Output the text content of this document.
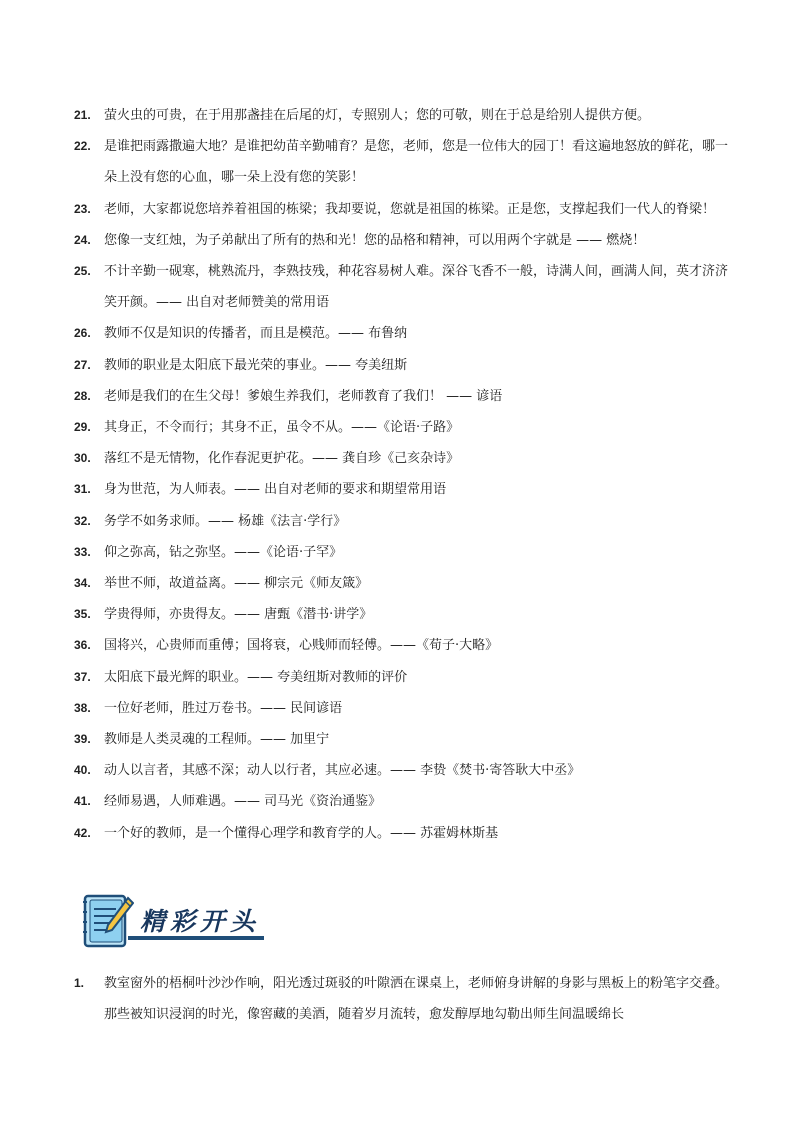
21.	萤火虫的可贵，在于用那盏挂在后尾的灯，专照别人；您的可敬，则在于总是给别人提供方便。
22.	是谁把雨露撒遍大地？是谁把幼苗辛勤哺育？是您，老师，您是一位伟大的园丁！看这遍地怒放的鲜花，哪一朵上没有您的心血，哪一朵上没有您的笑影！
23.	老师，大家都说您培养着祖国的栋梁；我却要说，您就是祖国的栋梁。正是您，支撑起我们一代人的脊梁！
24.	您像一支红烛，为子弟献出了所有的热和光！您的品格和精神，可以用两个字就是 —— 燃烧！
25.	不计辛勤一砚寒，桃熟流丹，李熟技残，种花容易树人难。深谷飞香不一般，诗满人间，画满人间，英才济济笑开颜。—— 出自对老师赞美的常用语
26.	教师不仅是知识的传播者，而且是模范。—— 布鲁纳
27.	教师的职业是太阳底下最光荣的事业。—— 夸美纽斯
28.	老师是我们的在生父母！爹娘生养我们，老师教育了我们！ —— 谚语
29.	其身正，不令而行；其身不正，虽令不从。——《论语·子路》
30.	落红不是无情物，化作春泥更护花。—— 龚自珍《己亥杂诗》
31.	身为世范，为人师表。—— 出自对老师的要求和期望常用语
32.	务学不如务求师。—— 杨雄《法言·学行》
33.	仰之弥高，钻之弥坚。——《论语·子罕》
34.	举世不师，故道益离。—— 柳宗元《师友箴》
35.	学贵得师，亦贵得友。—— 唐甄《潜书·讲学》
36.	国将兴，心贵师而重傅；国将衰，心贱师而轻傅。——《荀子·大略》
37.	太阳底下最光辉的职业。—— 夸美纽斯对教师的评价
38.	一位好老师，胜过万卷书。—— 民间谚语
39.	教师是人类灵魂的工程师。—— 加里宁
40.	动人以言者，其感不深；动人以行者，其应必速。—— 李贽《焚书·寄答耿大中丞》
41.	经师易遇，人师难遇。—— 司马光《资治通鉴》
42.	一个好的教师，是一个懂得心理学和教育学的人。—— 苏霍姆林斯基
精彩开头
1.	教室窗外的梧桐叶沙沙作响，阳光透过斑驳的叶隙洒在课桌上，老师俯身讲解的身影与黑板上的粉笔字交叠。那些被知识浸润的时光，像窖藏的美酒，随着岁月流转，愈发醇厚地勾勒出师生间温暖绵长
